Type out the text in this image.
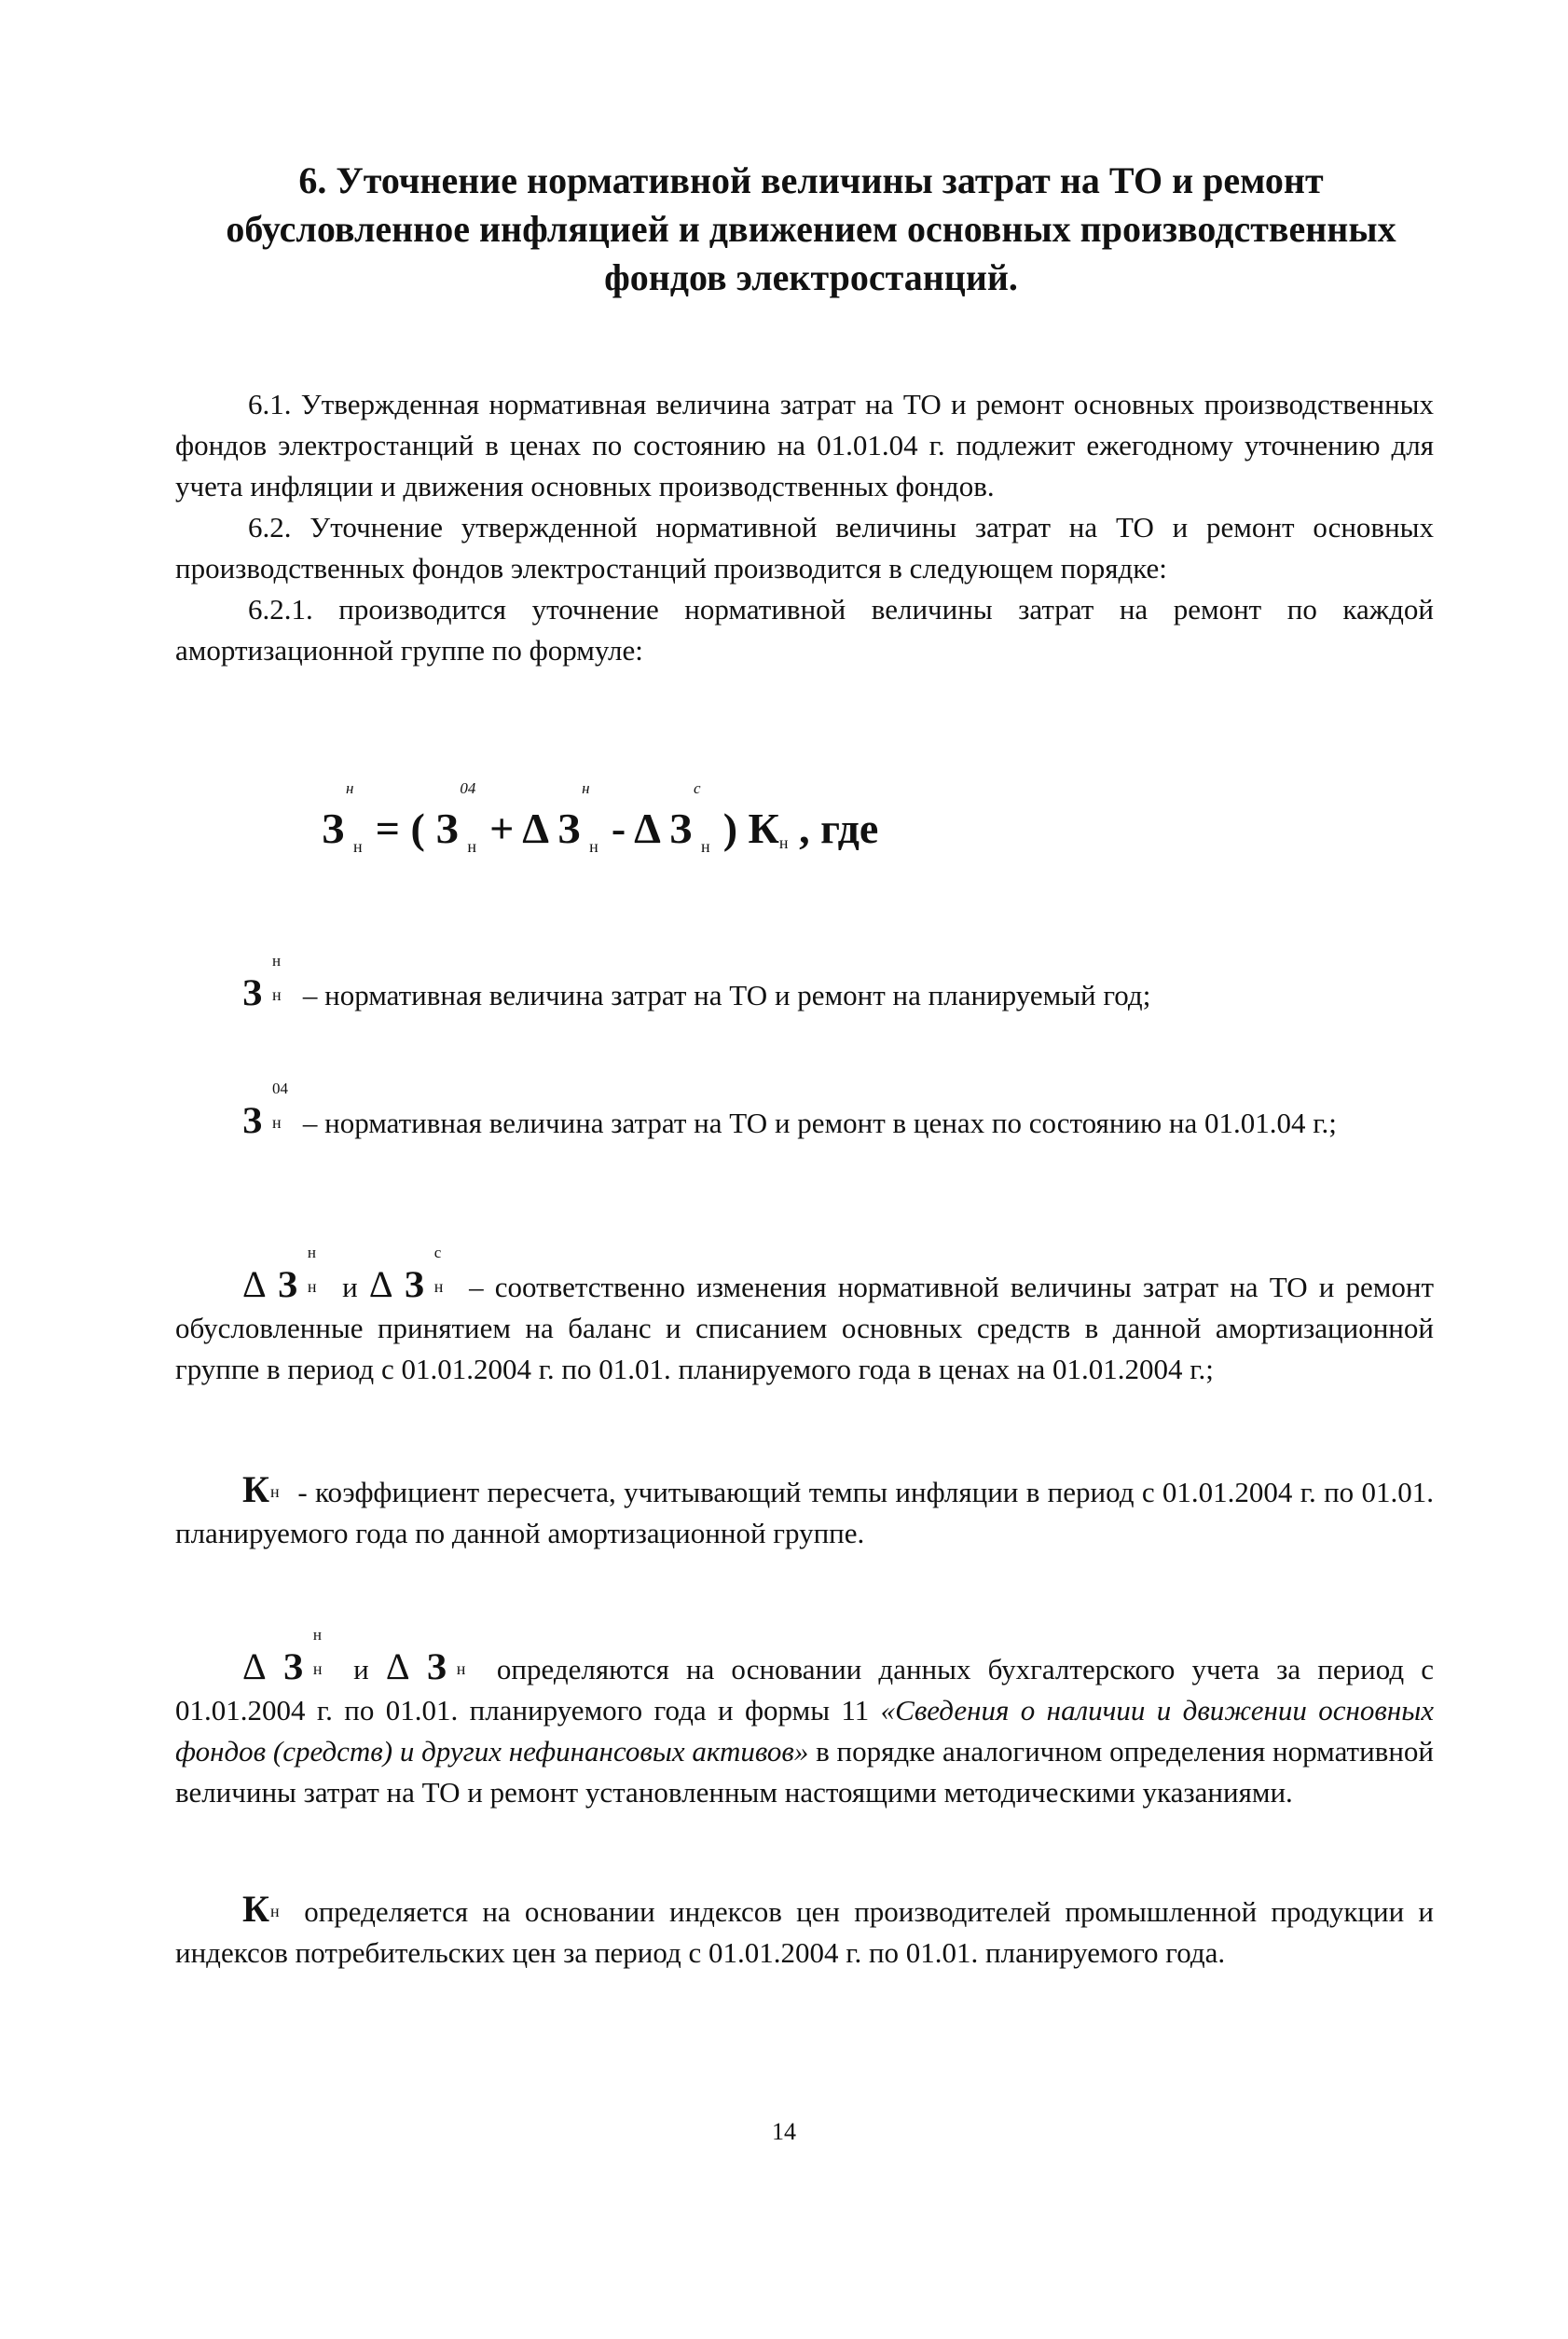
6. Уточнение нормативной величины затрат на ТО и ремонт
обусловленное инфляцией и движением основных производственных
фондов электростанций.

6.1. Утвержденная нормативная величина затрат на ТО и ремонт основных производственных фондов электростанций в ценах по состоянию на 01.01.04 г. подлежит ежегодному уточнению для учета инфляции и движения основных производственных фондов.

6.2. Уточнение утвержденной нормативной величины затрат на ТО и ремонт основных производственных фондов электростанций производится в следующем порядке:

6.2.1. производится уточнение нормативной величины затрат на ремонт по каждой амортизационной группе по формуле:

З
н
н = ( З
04
н + Δ З
н
н - Δ З
с
н ) Кн , где
З
н
н – нормативная величина затрат на ТО и ремонт на планируемый год;
З
04
н – нормативная величина затрат на ТО и ремонт в ценах по состоянию на 01.01.04 г.;
Δ З
н
н и Δ З
с
н – соответственно изменения нормативной величины затрат на ТО и ремонт обусловленные принятием на баланс и списанием основных средств в данной амортизационной группе в период с 01.01.2004 г. по 01.01. планируемого года в ценах на 01.01.2004 г.;
К н - коэффициент пересчета, учитывающий темпы инфляции в период с 01.01.2004 г. по 01.01. планируемого года по данной амортизационной группе.
Δ З
н
н и Δ З н определяются на основании данных бухгалтерского учета за период с 01.01.2004 г. по 01.01. планируемого года и формы 11 «Сведения о наличии и движении основных фондов (средств) и других нефинансовых активов» в порядке аналогичном определения нормативной величины затрат на ТО и ремонт установленным настоящими методическими указаниями.
К н определяется на основании индексов цен производителей промышленной продукции и индексов потребительских цен за период с 01.01.2004 г. по 01.01. планируемого года.
14
